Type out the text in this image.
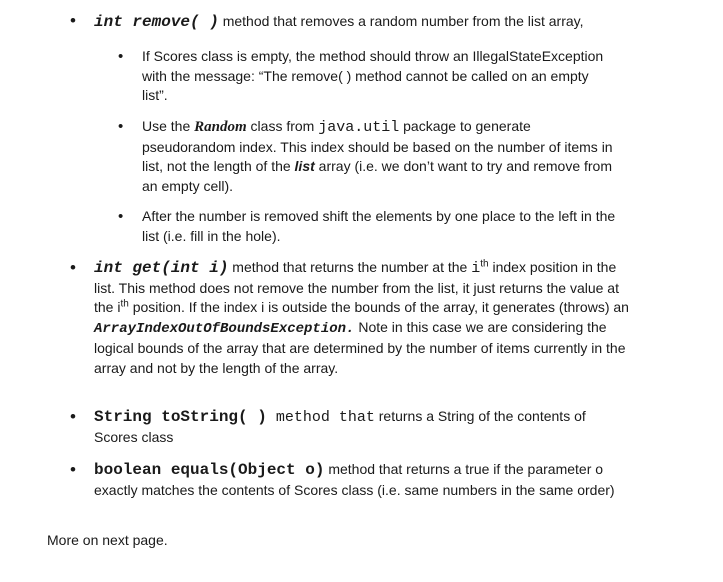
• int remove( ) method that removes a random number from the list array,
•	If Scores class is empty, the method should throw an IllegalStateException with the message: “The remove( ) method cannot be called on an empty list”.
•	Use the Random class from java.util package to generate pseudorandom index. This index should be based on the number of items in list, not the length of the list array (i.e. we don’t want to try and remove from an empty cell).
•	After the number is removed shift the elements by one place to the left in the list (i.e. fill in the hole).
• int get(int i) method that returns the number at the $i^{th}$ index position in the list. This method does not remove the number from the list, it just returns the value at the $i^{th}$ position. If the index i is outside the bounds of the array, it generates (throws) an ArrayIndexOutOfBoundsException. Note in this case we are considering the logical bounds of the array that are determined by the number of items currently in the array and not by the length of the array.
• String toString( ) method that returns a String of the contents of Scores class
• boolean equals(Object o) method that returns a true if the parameter o exactly matches the contents of Scores class (i.e. same numbers in the same order)
More on next page.
